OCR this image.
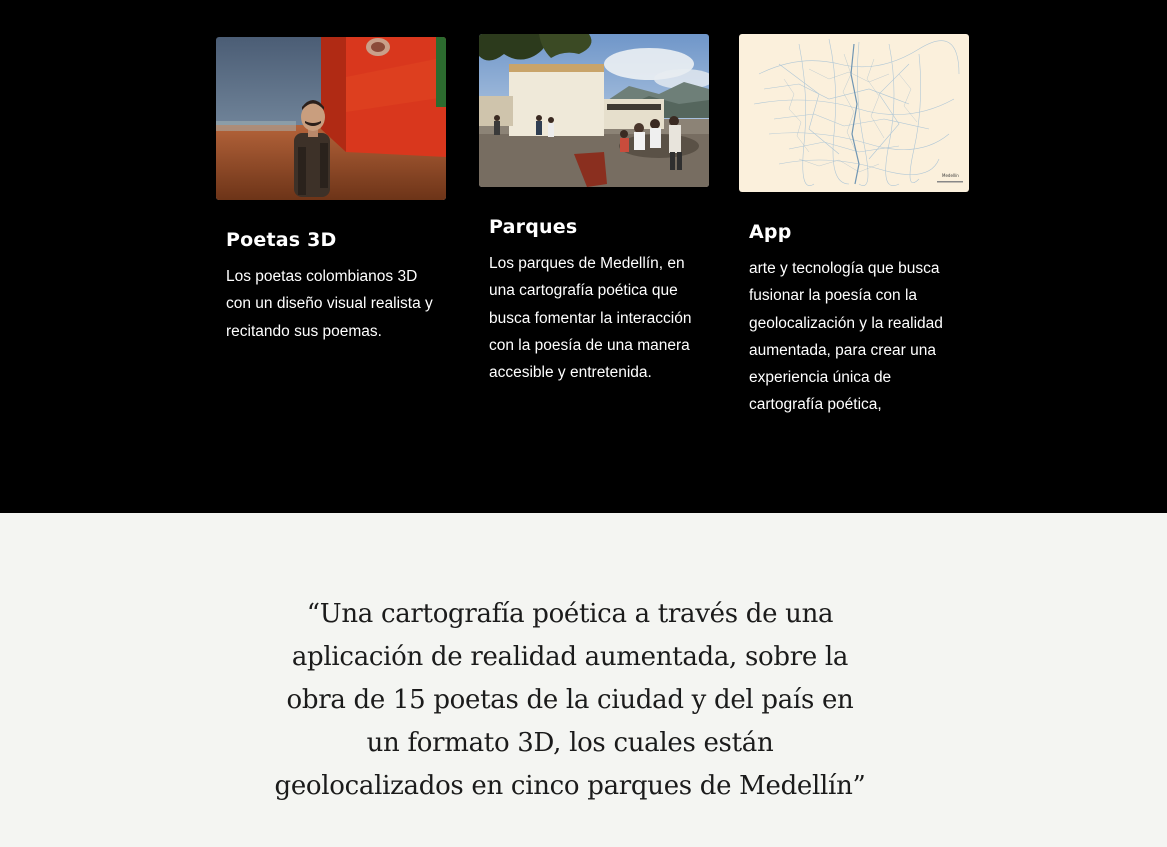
Poetas 3D

Los poetas colombianos 3D con un diseño visual realista y recitando sus poemas.

Parques

Los parques de Medellín, en una cartografía poética que busca fomentar la interacción con la poesía de una manera accesible y entretenida.

Medellín
App

arte y tecnología que busca fusionar la poesía con la geolocalización y la realidad aumentada, para crear una experiencia única de cartografía poética,

“Una cartografía poética a través de una aplicación de realidad aumentada, sobre la obra de 15 poetas de la ciudad y del país en un formato 3D, los cuales están geolocalizados en cinco parques de Medellín”
